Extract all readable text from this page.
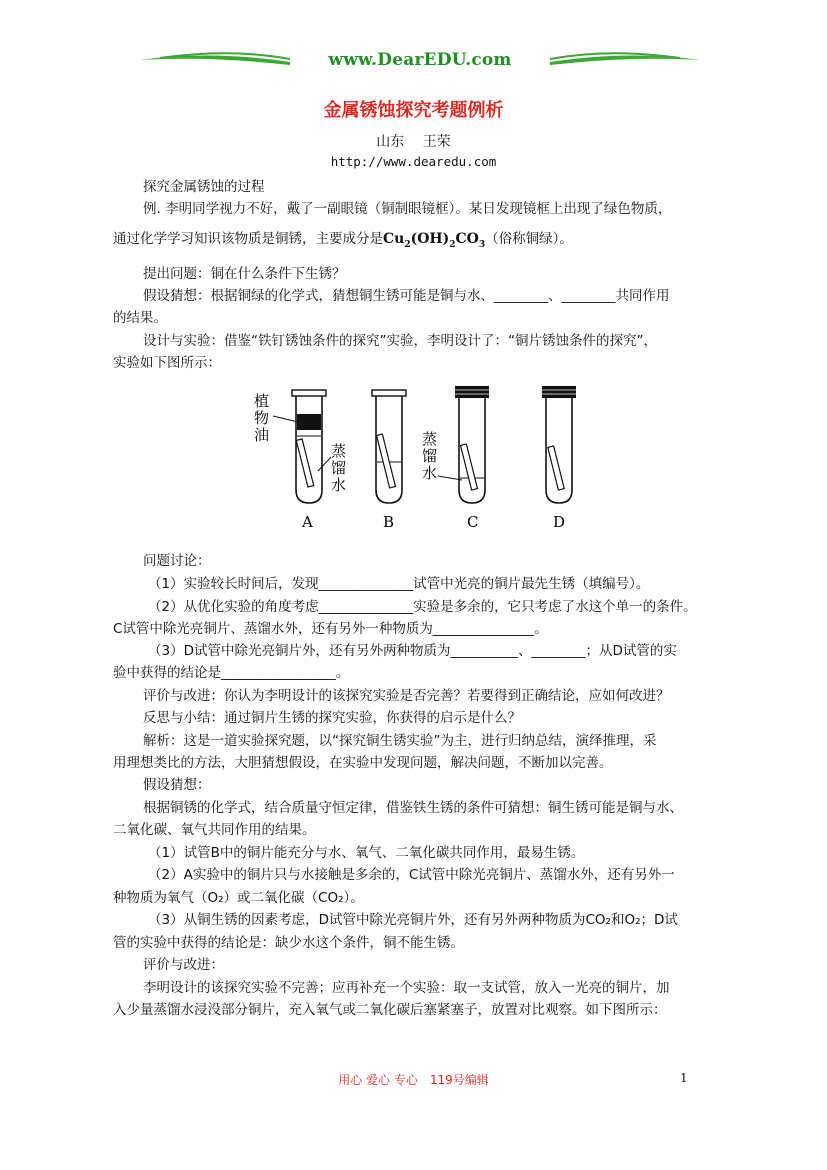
www.DearEDU.com
金属锈蚀探究考题例析
山东 　王荣
http://www.dearedu.com
探究金属锈蚀的过程
例. 李明同学视力不好，戴了一副眼镜（铜制眼镜框）。某日发现镜框上出现了绿色物质，
通过化学学习知识该物质是铜锈，主要成分是$Cu_2(OH)_2CO_3$（俗称铜绿）。
提出问题：铜在什么条件下生锈？
假设猜想：根据铜绿的化学式，猜想铜生锈可能是铜与水、________、________共同作用
的结果。
设计与实验：借鉴“铁钉锈蚀条件的探究”实验，李明设计了：“铜片锈蚀条件的探究”，
实验如下图所示：
植
物
油
蒸
馏
水
蒸
馏
水
A	B	C	D
问题讨论：
（1）实验较长时间后，发现______________试管中光亮的铜片最先生锈（填编号）。
（2）从优化实验的角度考虑______________实验是多余的，它只考虑了水这个单一的条件。
C试管中除光亮铜片、蒸馏水外，还有另外一种物质为_______________。
（3）D试管中除光亮铜片外，还有另外两种物质为__________、________；从D试管的实
验中获得的结论是_________________。
评价与改进：你认为李明设计的该探究实验是否完善？若要得到正确结论，应如何改进？
反思与小结：通过铜片生锈的探究实验，你获得的启示是什么？
解析：这是一道实验探究题，以“探究铜生锈实验”为主，进行归纳总结，演绎推理，采
用理想类比的方法，大胆猜想假设，在实验中发现问题，解决问题，不断加以完善。
假设猜想：
根据铜锈的化学式，结合质量守恒定律，借鉴铁生锈的条件可猜想：铜生锈可能是铜与水、
二氧化碳、氧气共同作用的结果。
（1）试管B中的铜片能充分与水、氧气、二氧化碳共同作用，最易生锈。
（2）A实验中的铜片只与水接触是多余的，C试管中除光亮铜片、蒸馏水外，还有另外一
种物质为氧气（O₂）或二氧化碳（CO₂）。
（3）从铜生锈的因素考虑，D试管中除光亮铜片外，还有另外两种物质为CO₂和O₂；D试
管的实验中获得的结论是：缺少水这个条件，铜不能生锈。
评价与改进：
李明设计的该探究实验不完善；应再补充一个实验：取一支试管，放入一光亮的铜片，加
入少量蒸馏水浸没部分铜片，充入氧气或二氧化碳后塞紧塞子，放置对比观察。如下图所示：
用心 爱心 专心　119号编辑	1
